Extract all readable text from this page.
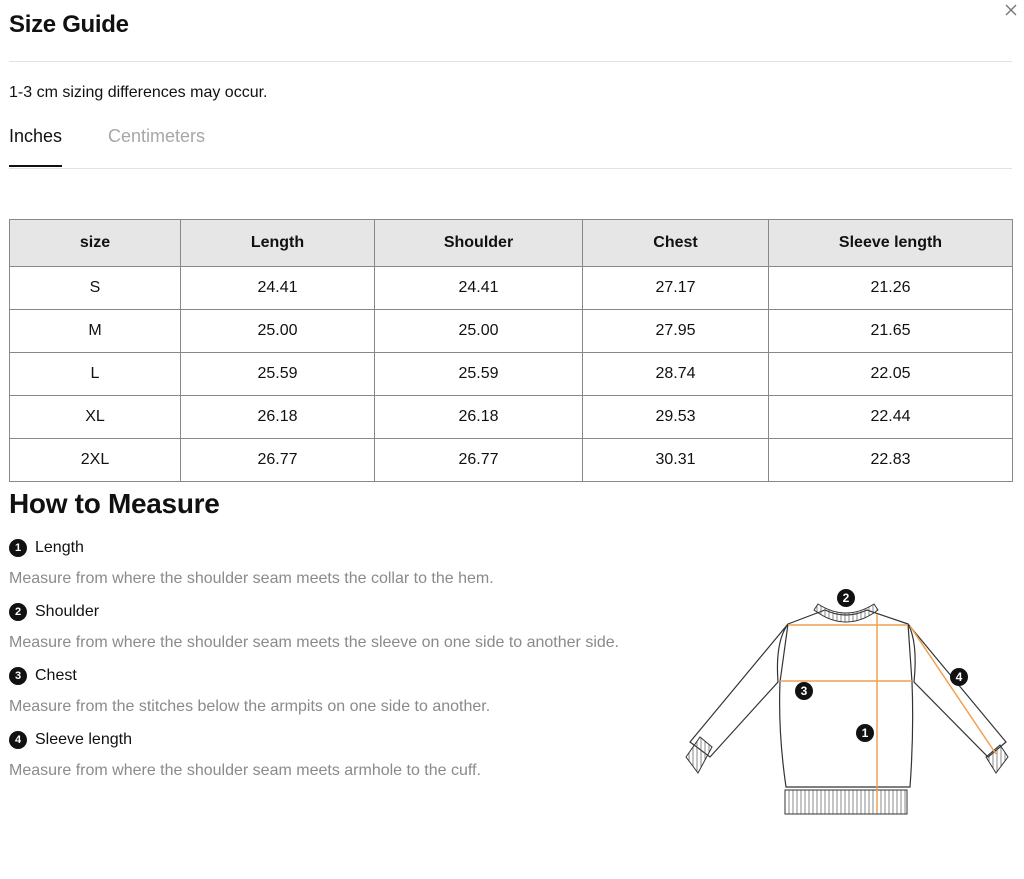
Size Guide
1-3 cm sizing differences may occur.
Inches	Centimeters
size	Length	Shoulder	Chest	Sleeve length
S	24.41	24.41	27.17	21.26
M	25.00	25.00	27.95	21.65
L	25.59	25.59	28.74	22.05
XL	26.18	26.18	29.53	22.44
2XL	26.77	26.77	30.31	22.83
How to Measure
1 Length
Measure from where the shoulder seam meets the collar to the hem.
2 Shoulder
Measure from where the shoulder seam meets the sleeve on one side to another side.
3 Chest
Measure from the stitches below the armpits on one side to another.
4 Sleeve length
Measure from where the shoulder seam meets armhole to the cuff.
2
3
1
4
